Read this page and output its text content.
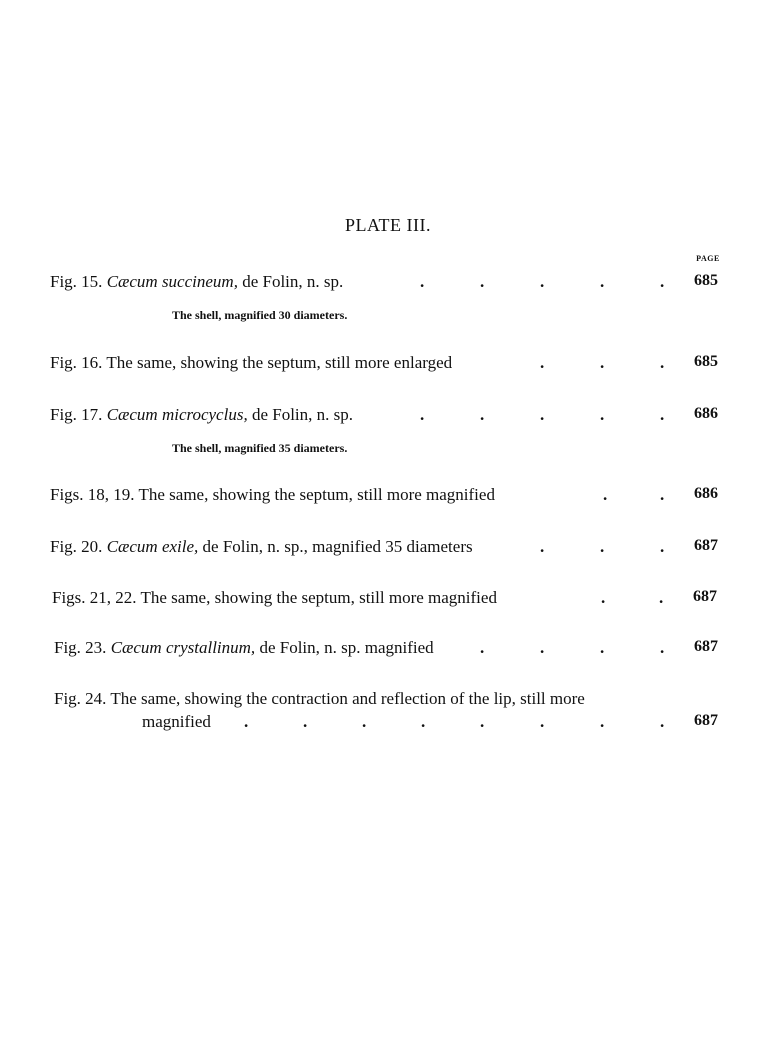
PLATE III.
PAGE
Fig. 15. Cæcum succineum, de Folin, n. sp.	.	.	.	.	. 685
The shell, magnified 30 diameters.
Fig. 16. The same, showing the septum, still more enlarged	.	.	. 685
Fig. 17. Cæcum microcyclus, de Folin, n. sp.	.	.	.	.	. 686
The shell, magnified 35 diameters.
Figs. 18, 19. The same, showing the septum, still more magnified	.	. 686
Fig. 20. Cæcum exile, de Folin, n. sp., magnified 35 diameters	.	.	. 687
Figs. 21, 22. The same, showing the septum, still more magnified	.	. 687
Fig. 23. Cæcum crystallinum, de Folin, n. sp. magnified	.	.	.	. 687
Fig. 24. The same, showing the contraction and reflection of the lip, still more
magnified .	.	.	.	.	.	.	. 687
